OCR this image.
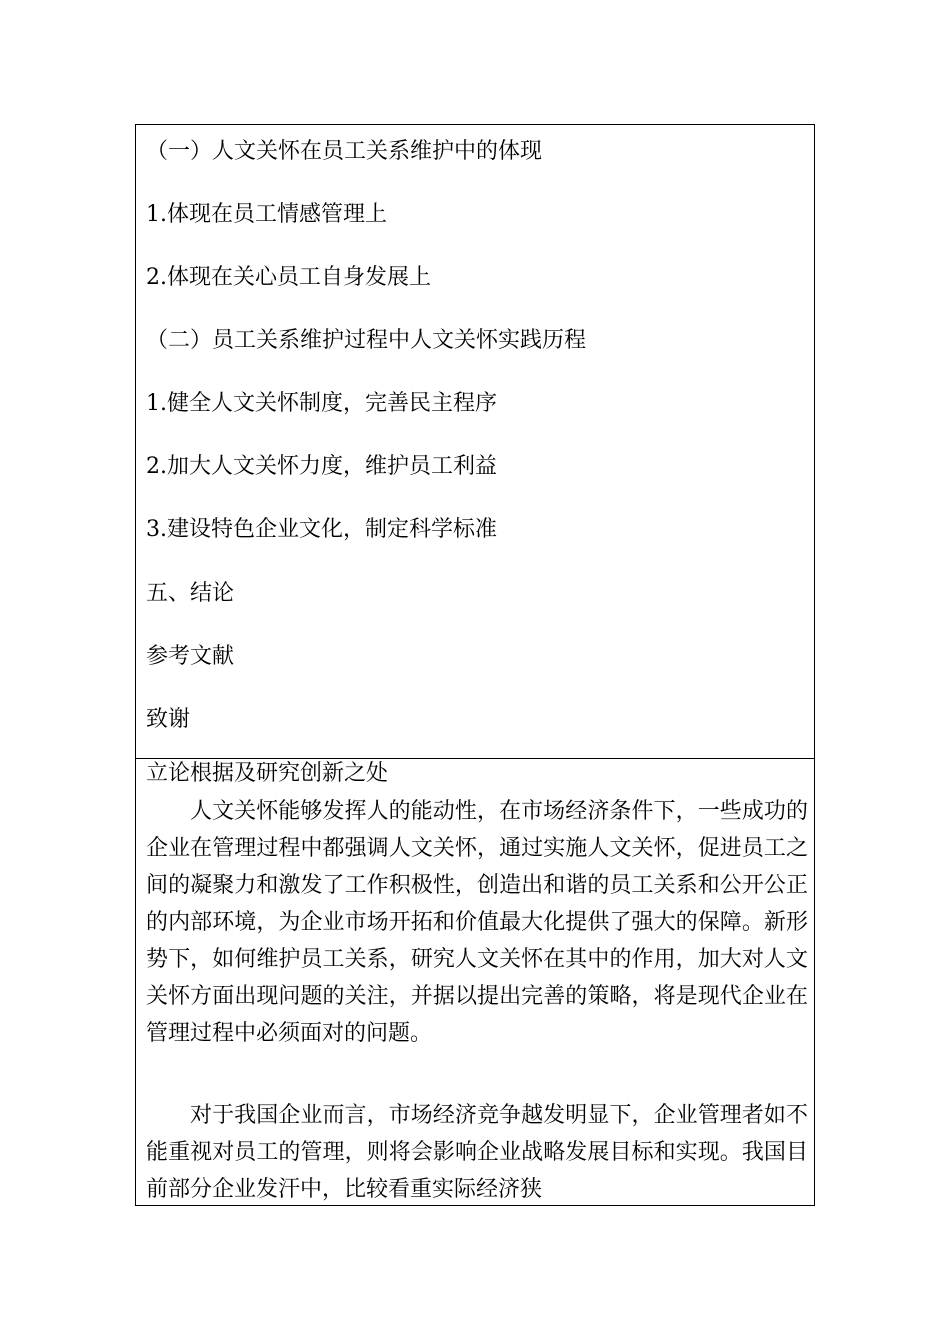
（一）人文关怀在员工关系维护中的体现
1.体现在员工情感管理上
2.体现在关心员工自身发展上
（二）员工关系维护过程中人文关怀实践历程
1.健全人文关怀制度，完善民主程序
2.加大人文关怀力度，维护员工利益
3.建设特色企业文化，制定科学标准
五、结论
参考文献
致谢
立论根据及研究创新之处

人文关怀能够发挥人的能动性，在市场经济条件下，一些成功的企业在管理过程中都强调人文关怀，通过实施人文关怀，促进员工之间的凝聚力和激发了工作积极性，创造出和谐的员工关系和公开公正的内部环境，为企业市场开拓和价值最大化提供了强大的保障。新形势下，如何维护员工关系，研究人文关怀在其中的作用，加大对人文关怀方面出现问题的关注，并据以提出完善的策略，将是现代企业在管理过程中必须面对的问题。

对于我国企业而言，市场经济竞争越发明显下，企业管理者如不能重视对员工的管理，则将会影响企业战略发展目标和实现。我国目前部分企业发汗中，比较看重实际经济狭
